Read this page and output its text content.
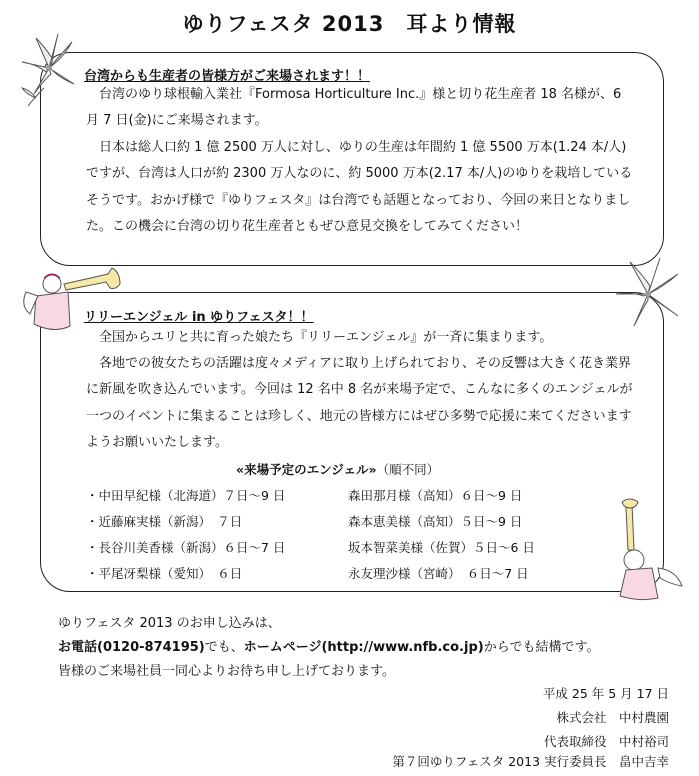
ゆりフェスタ 2013　耳より情報
台湾からも生産者の皆様方がご来場されます！！

　台湾のゆり球根輸入業社『Formosa Horticulture Inc.』様と切り花生産者 18 名様が、6 月 7 日(金)にご来場されます。

　日本は総人口約 1 億 2500 万人に対し、ゆりの生産は年間約 1 億 5500 万本(1.24 本/人)ですが、台湾は人口が約 2300 万人なのに、約 5000 万本(2.17 本/人)のゆりを栽培しているそうです。おかげ様で『ゆりフェスタ』は台湾でも話題となっており、今回の来日となりました。この機会に台湾の切り花生産者ともぜひ意見交換をしてみてください！

リリーエンジェル in ゆりフェスタ！！

　全国からユリと共に育った娘たち『リリーエンジェル』が一斉に集まります。

　各地での彼女たちの活躍は度々メディアに取り上げられており、その反響は大きく花き業界に新風を吹き込んでいます。今回は 12 名中 8 名が来場予定で、こんなに多くのエンジェルが一つのイベントに集まることは珍しく、地元の皆様方にはぜひ多勢で応援に来てくださいますようお願いいたします。

«来場予定のエンジェル»（順不同）
・中田早紀様（北海道）７日〜9 日
・近藤麻実様（新潟）　７日
・長谷川美香様（新潟）６日〜7 日
・平尾冴梨様（愛知）　６日
森田那月様（高知）６日〜9 日
森本恵美様（高知）５日〜9 日
坂本智菜美様（佐賀）５日〜6 日
永友理沙様（宮崎）　６日〜7 日
ゆりフェスタ 2013 のお申し込みは、
お電話(0120-874195)でも、ホームページ(http://www.nfb.co.jp)からでも結構です。
皆様のご来場社員一同心よりお待ち申し上げております。
平成 25 年 5 月 17 日
株式会社　中村農園
代表取締役　中村裕司
第７回ゆりフェスタ 2013 実行委員長　畠中吉幸
